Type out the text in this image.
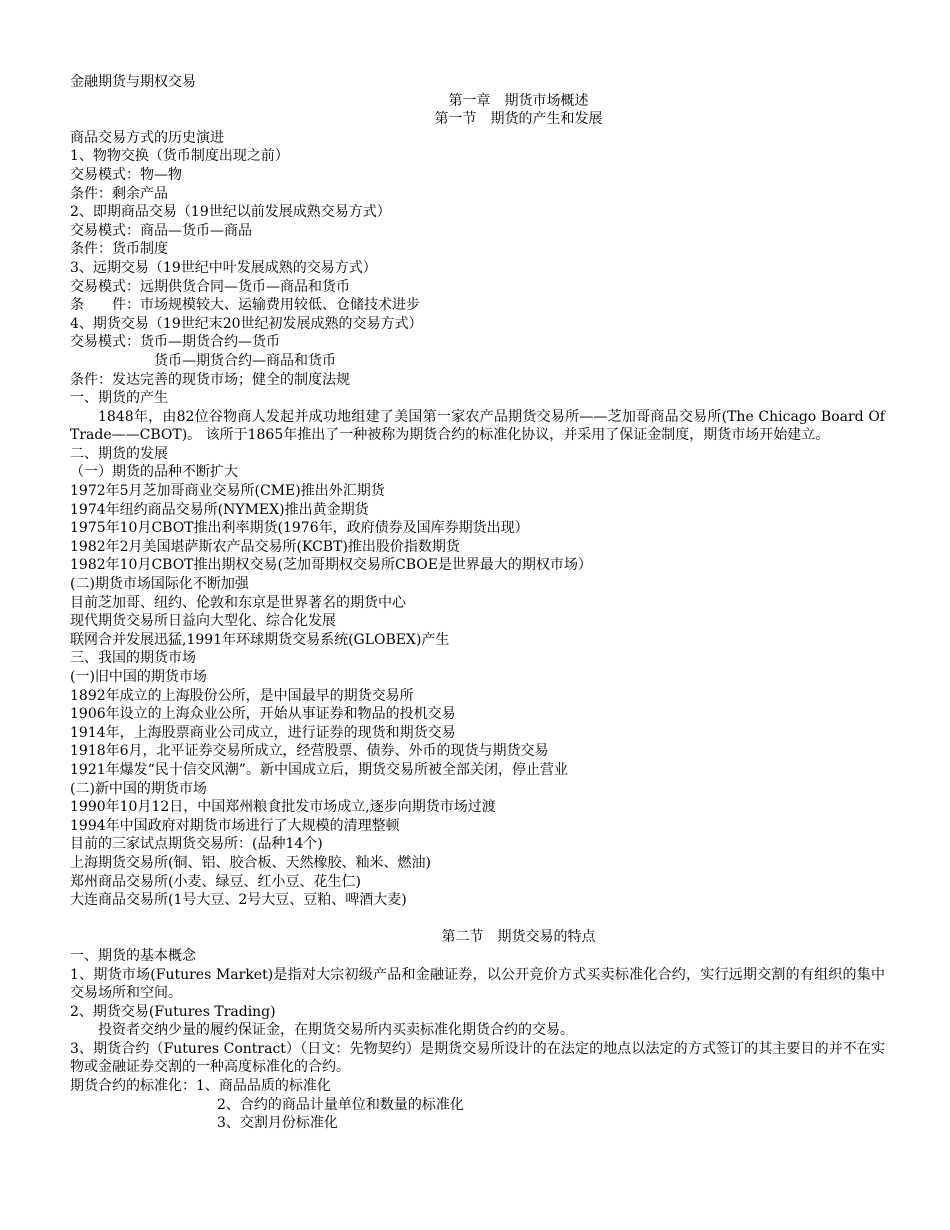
金融期货与期权交易

第一章　期货市场概述

第一节　期货的产生和发展

商品交易方式的历史演进

1、物物交换（货币制度出现之前）

交易模式：物—物

条件：剩余产品

2、即期商品交易（19世纪以前发展成熟交易方式）

交易模式：商品—货币—商品

条件：货币制度

3、远期交易（19世纪中叶发展成熟的交易方式）

交易模式：远期供货合同—货币—商品和货币

条　　件：市场规模较大、运输费用较低、仓储技术进步

4、期货交易（19世纪末20世纪初发展成熟的交易方式）

交易模式：货币—期货合约—货币

货币—期货合约—商品和货币

条件：发达完善的现货市场；健全的制度法规

一、期货的产生

1848年，由82位谷物商人发起并成功地组建了美国第一家农产品期货交易所——芝加哥商品交易所(The Chicago Board Of Trade——CBOT)。 该所于1865年推出了一种被称为期货合约的标准化协议，并采用了保证金制度，期货市场开始建立。

二、期货的发展

（一）期货的品种不断扩大

1972年5月芝加哥商业交易所(CME)推出外汇期货

1974年纽约商品交易所(NYMEX)推出黄金期货

1975年10月CBOT推出利率期货(1976年，政府债券及国库券期货出现）

1982年2月美国堪萨斯农产品交易所(KCBT)推出股价指数期货

1982年10月CBOT推出期权交易(芝加哥期权交易所CBOE是世界最大的期权市场）

(二)期货市场国际化不断加强

目前芝加哥、纽约、伦敦和东京是世界著名的期货中心

现代期货交易所日益向大型化、综合化发展

联网合并发展迅猛,1991年环球期货交易系统(GLOBEX)产生

三、我国的期货市场

(一)旧中国的期货市场

1892年成立的上海股份公所，是中国最早的期货交易所

1906年设立的上海众业公所，开始从事证券和物品的投机交易

1914年，上海股票商业公司成立，进行证券的现货和期货交易

1918年6月，北平证券交易所成立，经营股票、债券、外币的现货与期货交易

1921年爆发“民十信交风潮”。新中国成立后，期货交易所被全部关闭，停止营业

(二)新中国的期货市场

1990年10月12日，中国郑州粮食批发市场成立,逐步向期货市场过渡

1994年中国政府对期货市场进行了大规模的清理整顿

目前的三家试点期货交易所：(品种14个)

上海期货交易所(铜、铝、胶合板、天然橡胶、籼米、燃油)

郑州商品交易所(小麦、绿豆、红小豆、花生仁)

大连商品交易所(1号大豆、2号大豆、豆粕、啤酒大麦)

第二节　期货交易的特点

一、期货的基本概念

1、期货市场(Futures Market)是指对大宗初级产品和金融证券，以公开竞价方式买卖标准化合约，实行远期交割的有组织的集中交易场所和空间。

2、期货交易(Futures Trading)

投资者交纳少量的履约保证金，在期货交易所内买卖标准化期货合约的交易。

3、期货合约（Futures Contract）（日文：先物契约）是期货交易所设计的在法定的地点以法定的方式签订的其主要目的并不在实物或金融证券交割的一种高度标准化的合约。

期货合约的标准化：1、商品品质的标准化

2、合约的商品计量单位和数量的标准化

3、交割月份标准化
